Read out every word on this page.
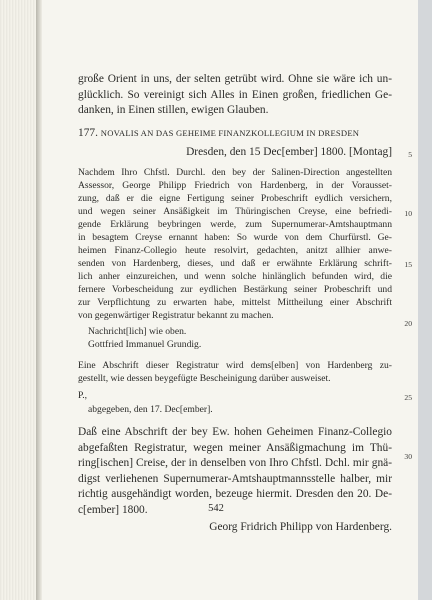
große Orient in uns, der selten getrübt wird. Ohne sie wäre ich un-

glücklich. So vereinigt sich Alles in Einen großen, friedlichen Ge-

danken, in Einen stillen, ewigen Glauben.

177. NOVALIS AN DAS GEHEIME FINANZKOLLEGIUM IN DRESDEN

Dresden, den 15 Dec[ember] 1800. [Montag]

Nachdem Ihro Chfstl. Durchl. den bey der Salinen-Direction angestellten

Assessor, George Philipp Friedrich von Hardenberg, in der Vorausset-

zung, daß er die eigne Fertigung seiner Probeschrift eydlich versichern,

und wegen seiner Ansäßigkeit im Thüringischen Creyse, eine befriedi-

gende Erklärung beybringen werde, zum Supernumerar-Amtshauptmann

in besagtem Creyse ernannt haben: So wurde von dem Churfürstl. Ge-

heimen Finanz-Collegio heute resolvirt, gedachten, anitzt allhier anwe-

senden von Hardenberg, dieses, und daß er erwähnte Erklärung schrift-

lich anher einzureichen, und wenn solche hinlänglich befunden wird, die

fernere Vorbescheidung zur eydlichen Bestärkung seiner Probeschrift und

zur Verpflichtung zu erwarten habe, mittelst Mittheilung einer Abschrift

von gegenwärtiger Registratur bekannt zu machen.

Nachricht[lich] wie oben.

Gottfried Immanuel Grundig.

Eine Abschrift dieser Registratur wird dems[elben] von Hardenberg zu-

gestellt, wie dessen beygefügte Bescheinigung darüber ausweiset.

P.,

abgegeben, den 17. Dec[ember].

Daß eine Abschrift der bey Ew. hohen Geheimen Finanz-Collegio

abgefaßten Registratur, wegen meiner Ansäßigmachung im Thü-

ring[ischen] Creise, der in denselben von Ihro Chfstl. Dchl. mir gnä-

digst verliehenen Supernumerar-Amtshauptmannsstelle halber, mir

richtig ausgehändigt worden, bezeuge hiermit. Dresden den 20. De-

c[ember] 1800.

Georg Fridrich Philipp von Hardenberg.

5
10
15
20
25
30
542
